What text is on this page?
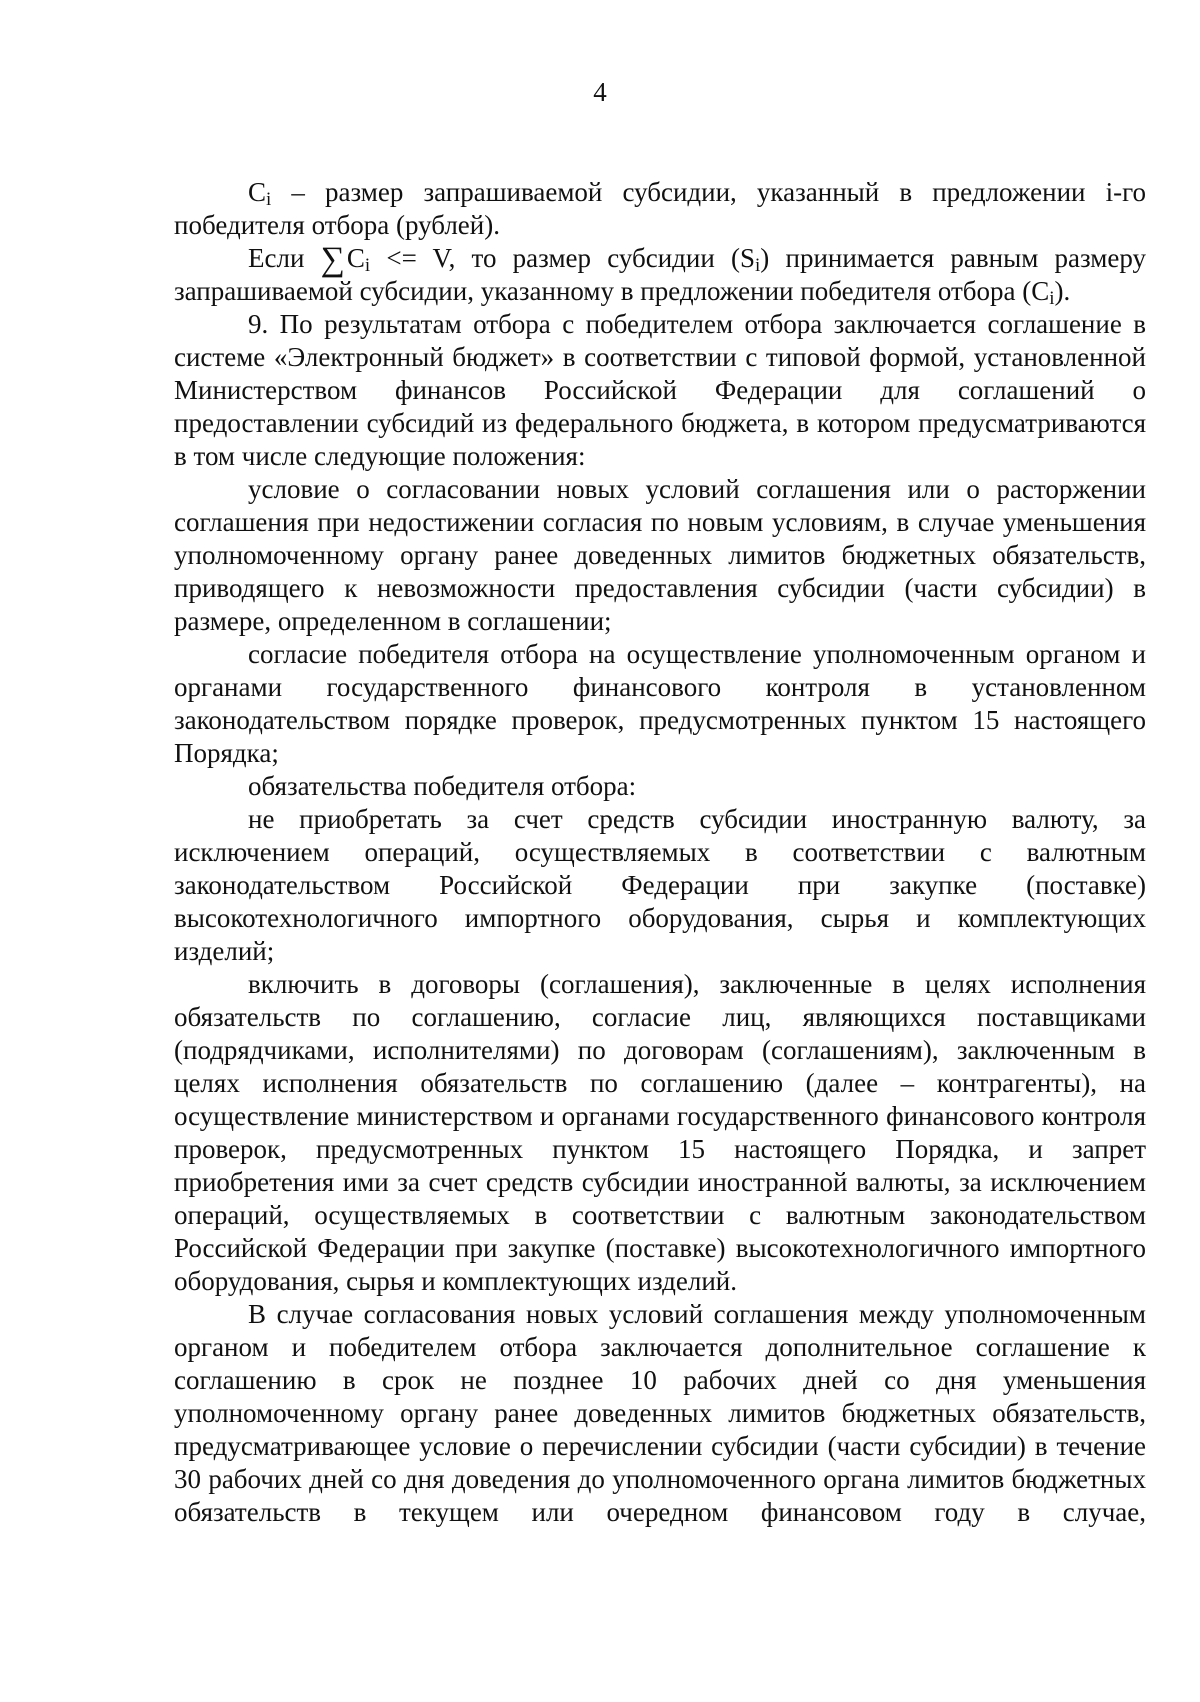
4

$C_i$ – размер запрашиваемой субсидии, указанный в предложении i-го победителя отбора (рублей).

Если $\sum C_i <= V$, то размер субсидии $(S_i)$ принимается равным размеру запрашиваемой субсидии, указанному в предложении победителя отбора $(C_i)$.

9. По результатам отбора с победителем отбора заключается соглашение в системе «Электронный бюджет» в соответствии с типовой формой, установленной Министерством финансов Российской Федерации для соглашений о предоставлении субсидий из федерального бюджета, в котором предусматриваются в том числе следующие положения:

условие о согласовании новых условий соглашения или о расторжении соглашения при недостижении согласия по новым условиям, в случае уменьшения уполномоченному органу ранее доведенных лимитов бюджетных обязательств, приводящего к невозможности предоставления субсидии (части субсидии) в размере, определенном в соглашении;

согласие победителя отбора на осуществление уполномоченным органом и органами государственного финансового контроля в установленном законодательством порядке проверок, предусмотренных пунктом 15 настоящего Порядка;

обязательства победителя отбора:

не приобретать за счет средств субсидии иностранную валюту, за исключением операций, осуществляемых в соответствии с валютным законодательством Российской Федерации при закупке (поставке) высокотехнологичного импортного оборудования, сырья и комплектующих изделий;

включить в договоры (соглашения), заключенные в целях исполнения обязательств по соглашению, согласие лиц, являющихся поставщиками (подрядчиками, исполнителями) по договорам (соглашениям), заключенным в целях исполнения обязательств по соглашению (далее – контрагенты), на осуществление министерством и органами государственного финансового контроля проверок, предусмотренных пунктом 15 настоящего Порядка, и запрет приобретения ими за счет средств субсидии иностранной валюты, за исключением операций, осуществляемых в соответствии с валютным законодательством Российской Федерации при закупке (поставке) высокотехнологичного импортного оборудования, сырья и комплектующих изделий.

В случае согласования новых условий соглашения между уполномоченным органом и победителем отбора заключается дополнительное соглашение к соглашению в срок не позднее 10 рабочих дней со дня уменьшения уполномоченному органу ранее доведенных лимитов бюджетных обязательств, предусматривающее условие о перечислении субсидии (части субсидии) в течение 30 рабочих дней со дня доведения до уполномоченного органа лимитов бюджетных обязательств в текущем или очередном финансовом году в случае,
